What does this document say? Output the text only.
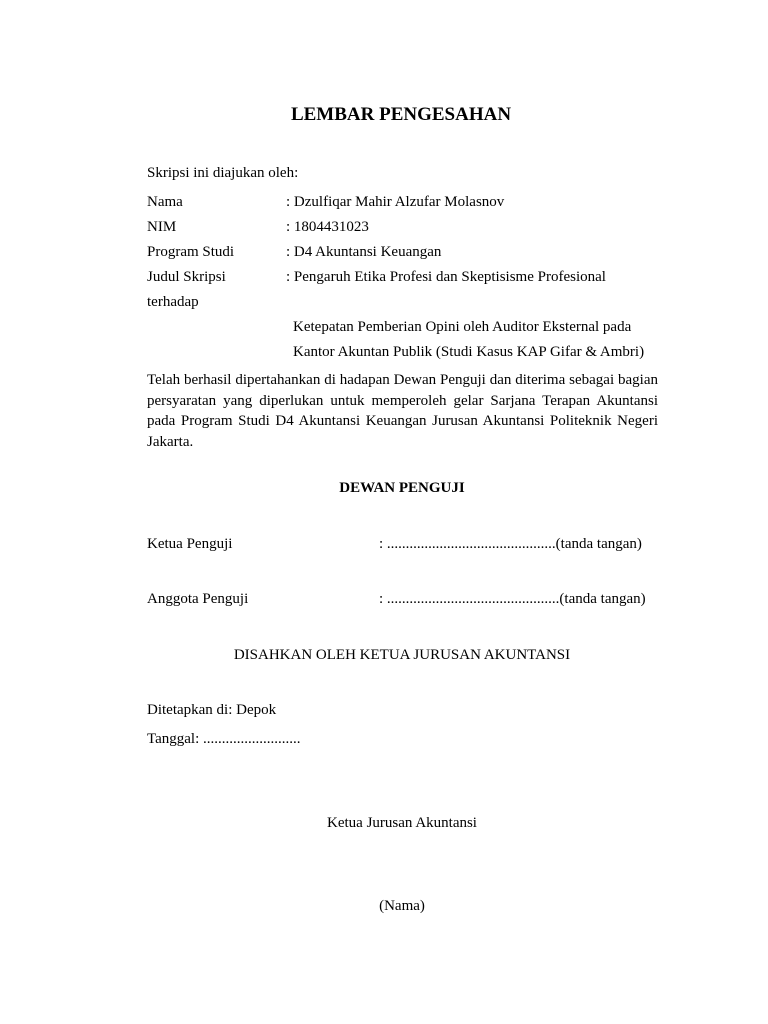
LEMBAR PENGESAHAN
Skripsi ini diajukan oleh:
Nama	: Dzulfiqar Mahir Alzufar Molasnov
NIM	: 1804431023
Program Studi	: D4 Akuntansi Keuangan
Judul Skripsi	: Pengaruh Etika Profesi dan Skeptisisme Profesional
terhadap
Ketepatan Pemberian Opini oleh Auditor Eksternal pada
Kantor Akuntan Publik (Studi Kasus KAP Gifar & Ambri)
Telah berhasil dipertahankan di hadapan Dewan Penguji dan diterima sebagai bagian persyaratan yang diperlukan untuk memperoleh gelar Sarjana Terapan Akuntansi pada Program Studi D4 Akuntansi Keuangan Jurusan Akuntansi Politeknik Negeri Jakarta.
DEWAN PENGUJI
Ketua Penguji	: .............................................(tanda tangan)
Anggota Penguji	: ..............................................(tanda tangan)
DISAHKAN OLEH KETUA JURUSAN AKUNTANSI
Ditetapkan di: Depok
Tanggal: ..........................
Ketua Jurusan Akuntansi
(Nama)
